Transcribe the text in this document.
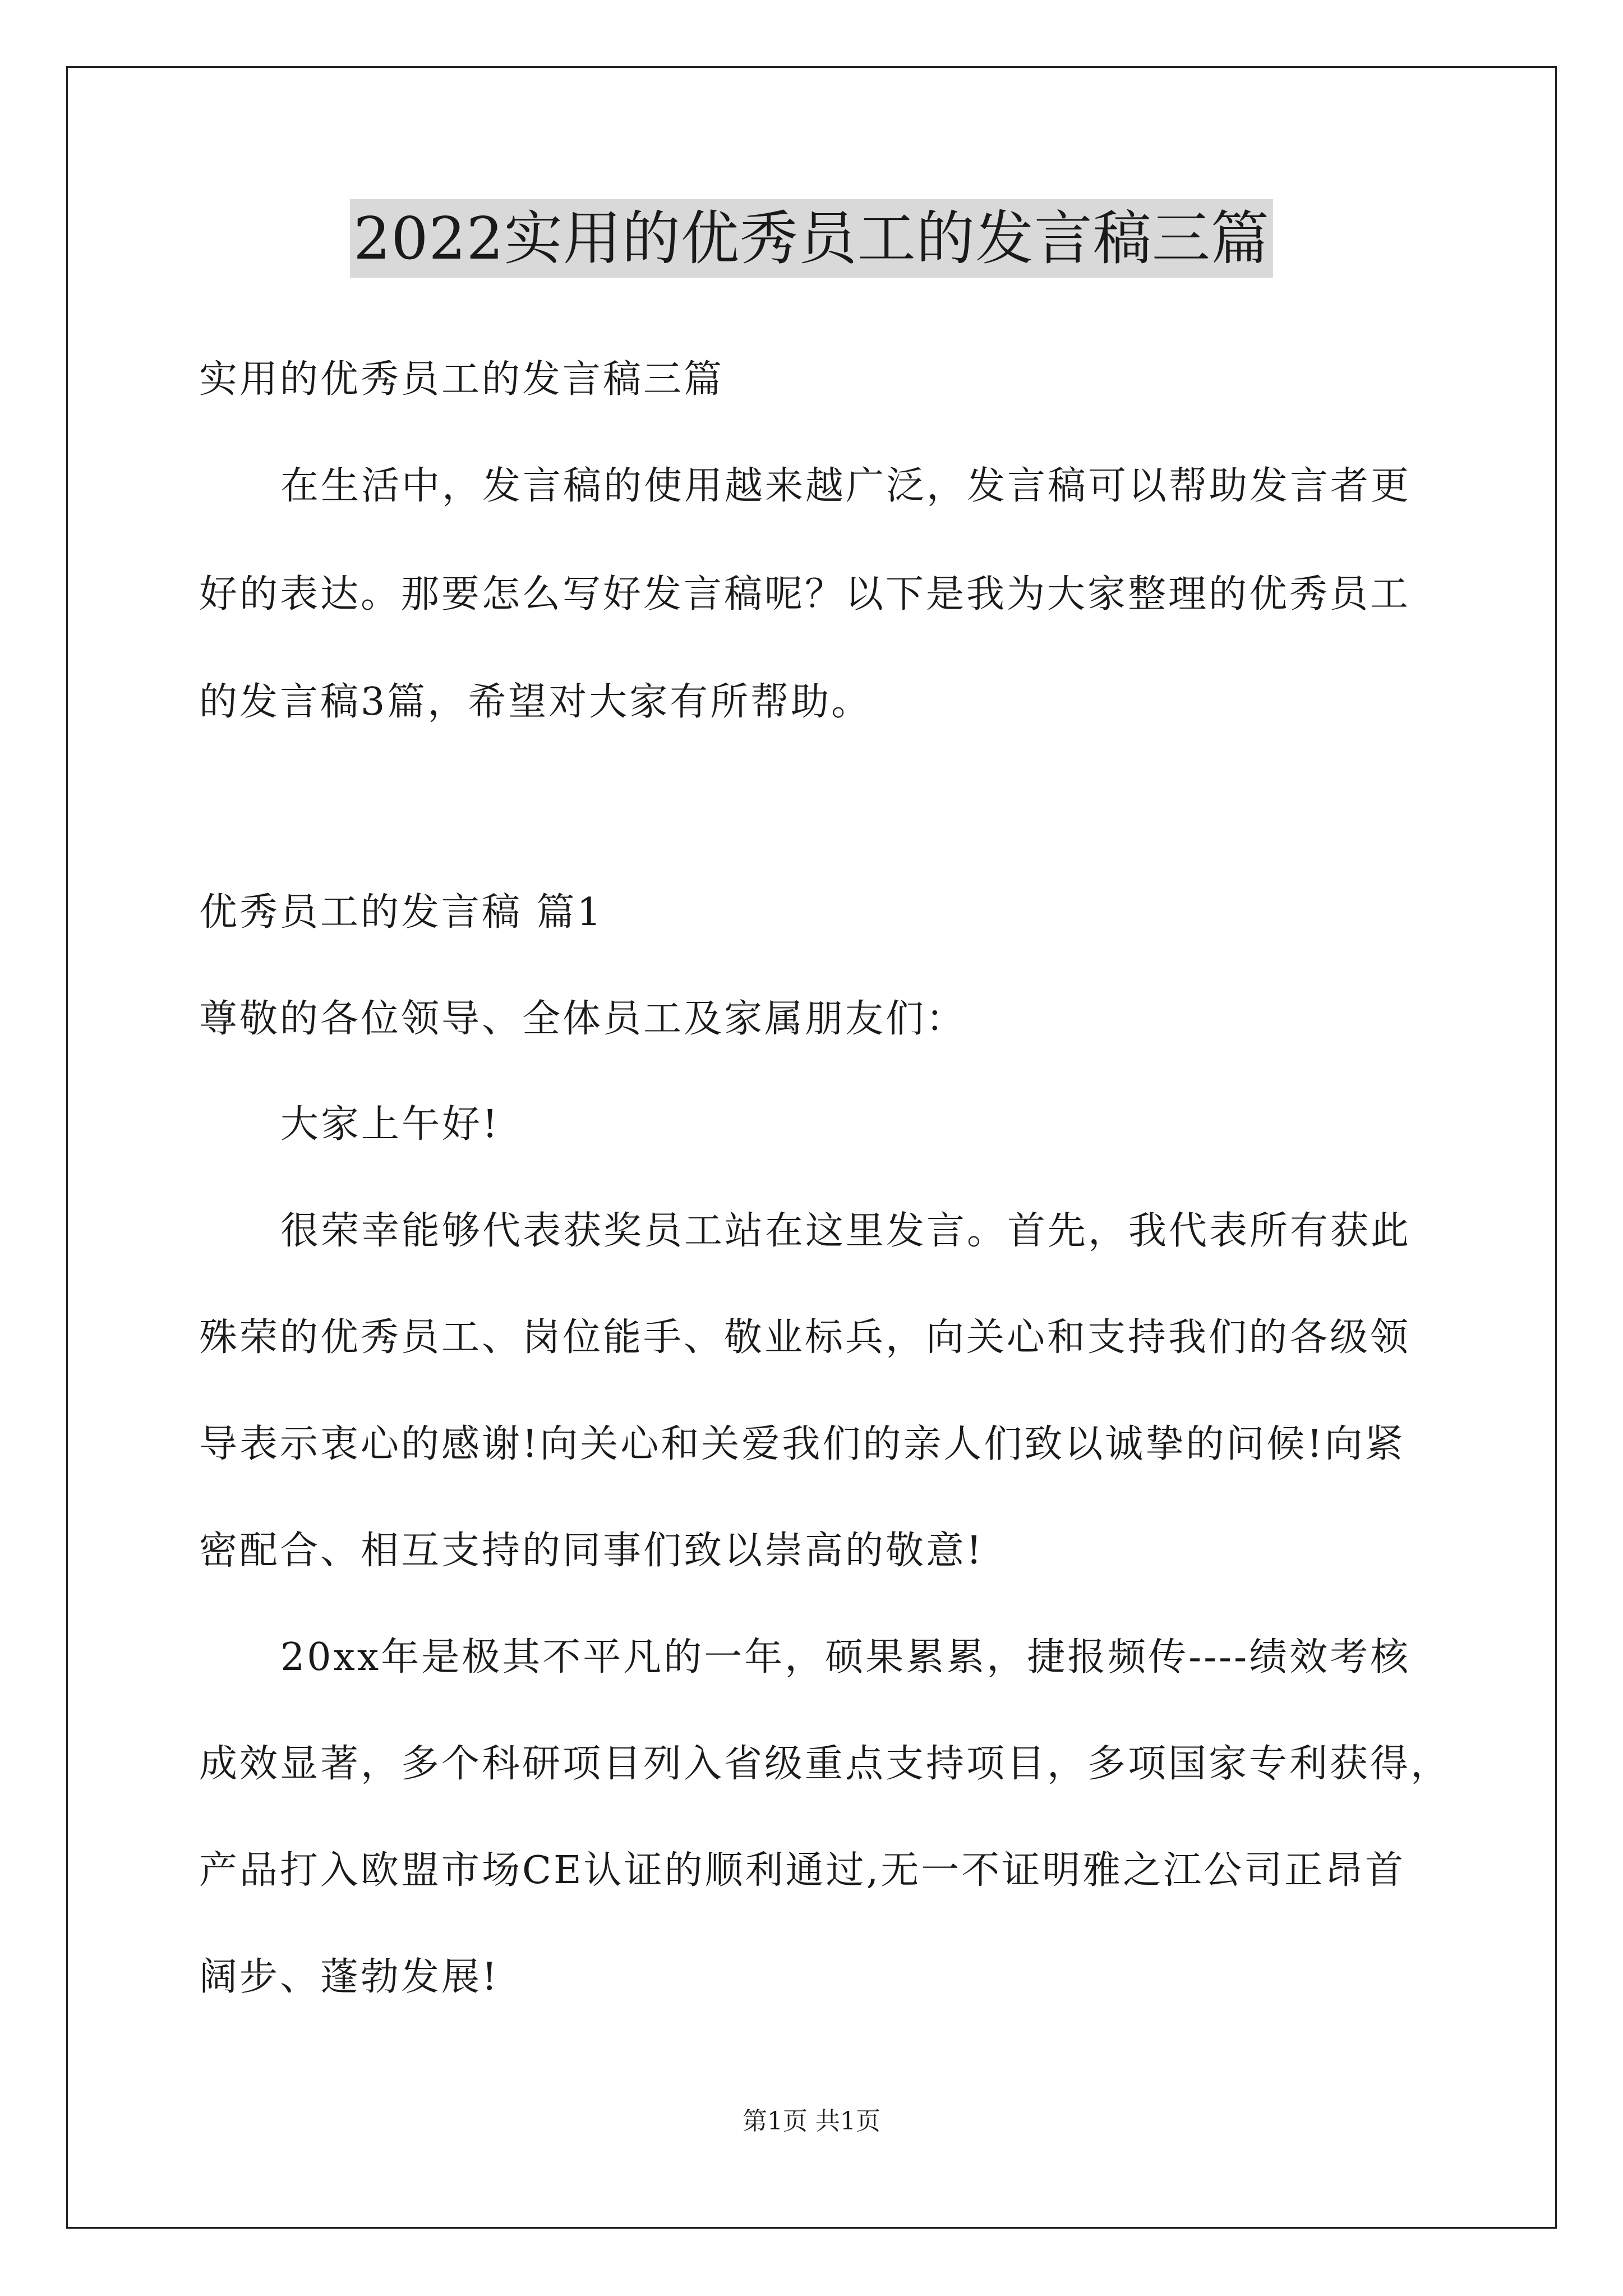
2022实用的优秀员工的发言稿三篇
实用的优秀员工的发言稿三篇
在生活中，发言稿的使用越来越广泛，发言稿可以帮助发言者更
好的表达。那要怎么写好发言稿呢？以下是我为大家整理的优秀员工
的发言稿3篇，希望对大家有所帮助。
优秀员工的发言稿 篇1
尊敬的各位领导、全体员工及家属朋友们：
大家上午好!
很荣幸能够代表获奖员工站在这里发言。首先，我代表所有获此
殊荣的优秀员工、岗位能手、敬业标兵，向关心和支持我们的各级领
导表示衷心的感谢!向关心和关爱我们的亲人们致以诚挚的问候!向紧
密配合、相互支持的同事们致以崇高的敬意!
20xx年是极其不平凡的一年，硕果累累，捷报频传----绩效考核
成效显著，多个科研项目列入省级重点支持项目，多项国家专利获得，
产品打入欧盟市场CE认证的顺利通过,无一不证明雅之江公司正昂首
阔步、蓬勃发展!
第1页 共1页
